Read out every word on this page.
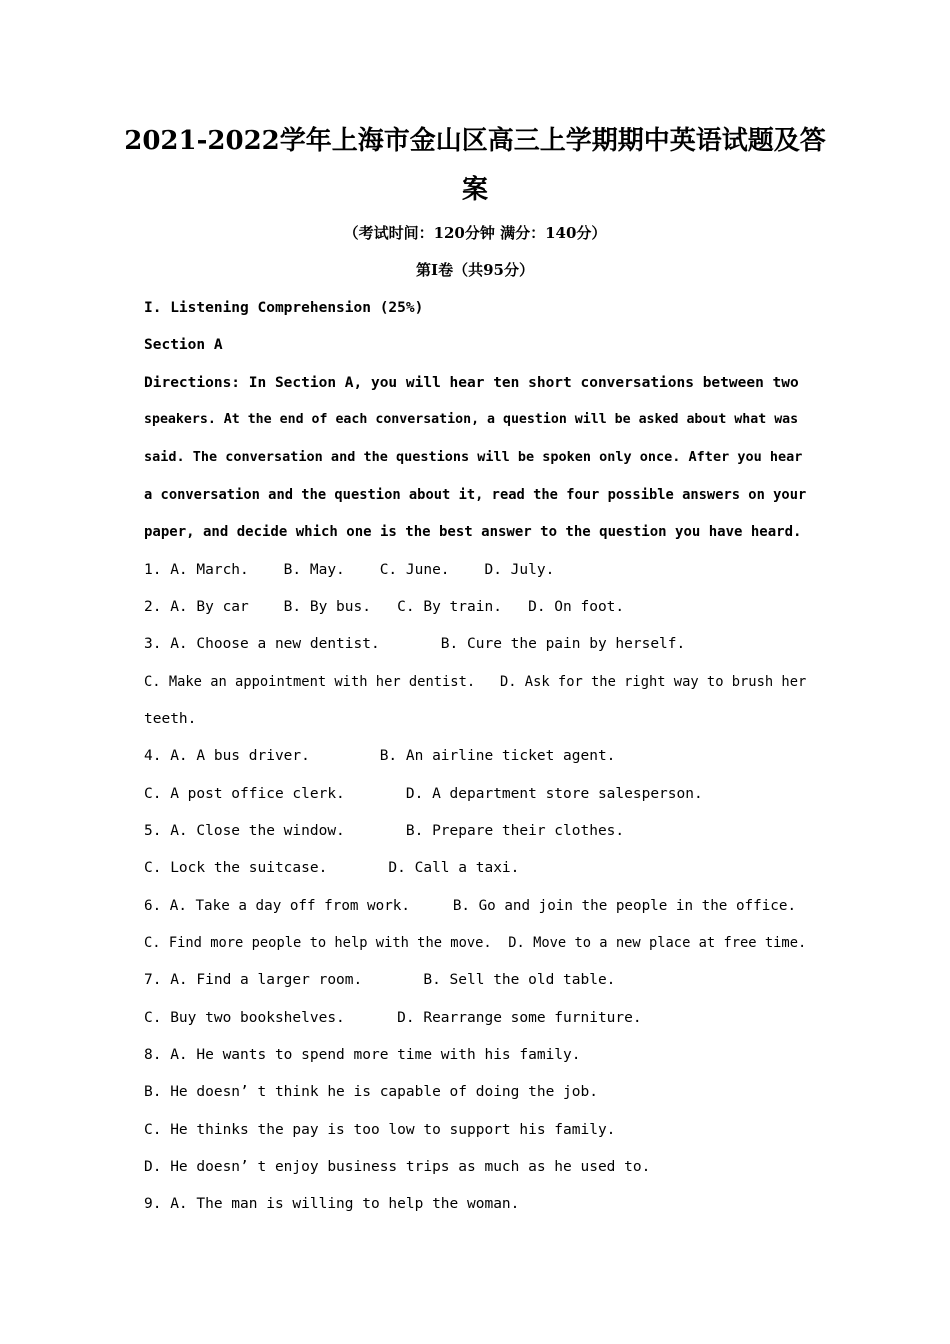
2021-2022学年上海市金山区高三上学期期中英语试题及答
案
（考试时间：120分钟 满分：140分）
第I卷（共95分）
I. Listening Comprehension (25%)
Section A
Directions: In Section A, you will hear ten short conversations between two
speakers. At the end of each conversation, a question will be asked about what was
said. The conversation and the questions will be spoken only once. After you hear
a conversation and the question about it, read the four possible answers on your
paper, and decide which one is the best answer to the question you have heard.
1. A. March.    B. May.    C. June.    D. July.
2. A. By car    B. By bus.   C. By train.   D. On foot.
3. A. Choose a new dentist.       B. Cure the pain by herself.
C. Make an appointment with her dentist.   D. Ask for the right way to brush her
teeth.
4. A. A bus driver.        B. An airline ticket agent.
C. A post office clerk.       D. A department store salesperson.
5. A. Close the window.       B. Prepare their clothes.
C. Lock the suitcase.       D. Call a taxi.
6. A. Take a day off from work.     B. Go and join the people in the office.
C. Find more people to help with the move.  D. Move to a new place at free time.
7. A. Find a larger room.       B. Sell the old table.
C. Buy two bookshelves.      D. Rearrange some furniture.
8. A. He wants to spend more time with his family.
B. He doesn’ t think he is capable of doing the job.
C. He thinks the pay is too low to support his family.
D. He doesn’ t enjoy business trips as much as he used to.
9. A. The man is willing to help the woman.
